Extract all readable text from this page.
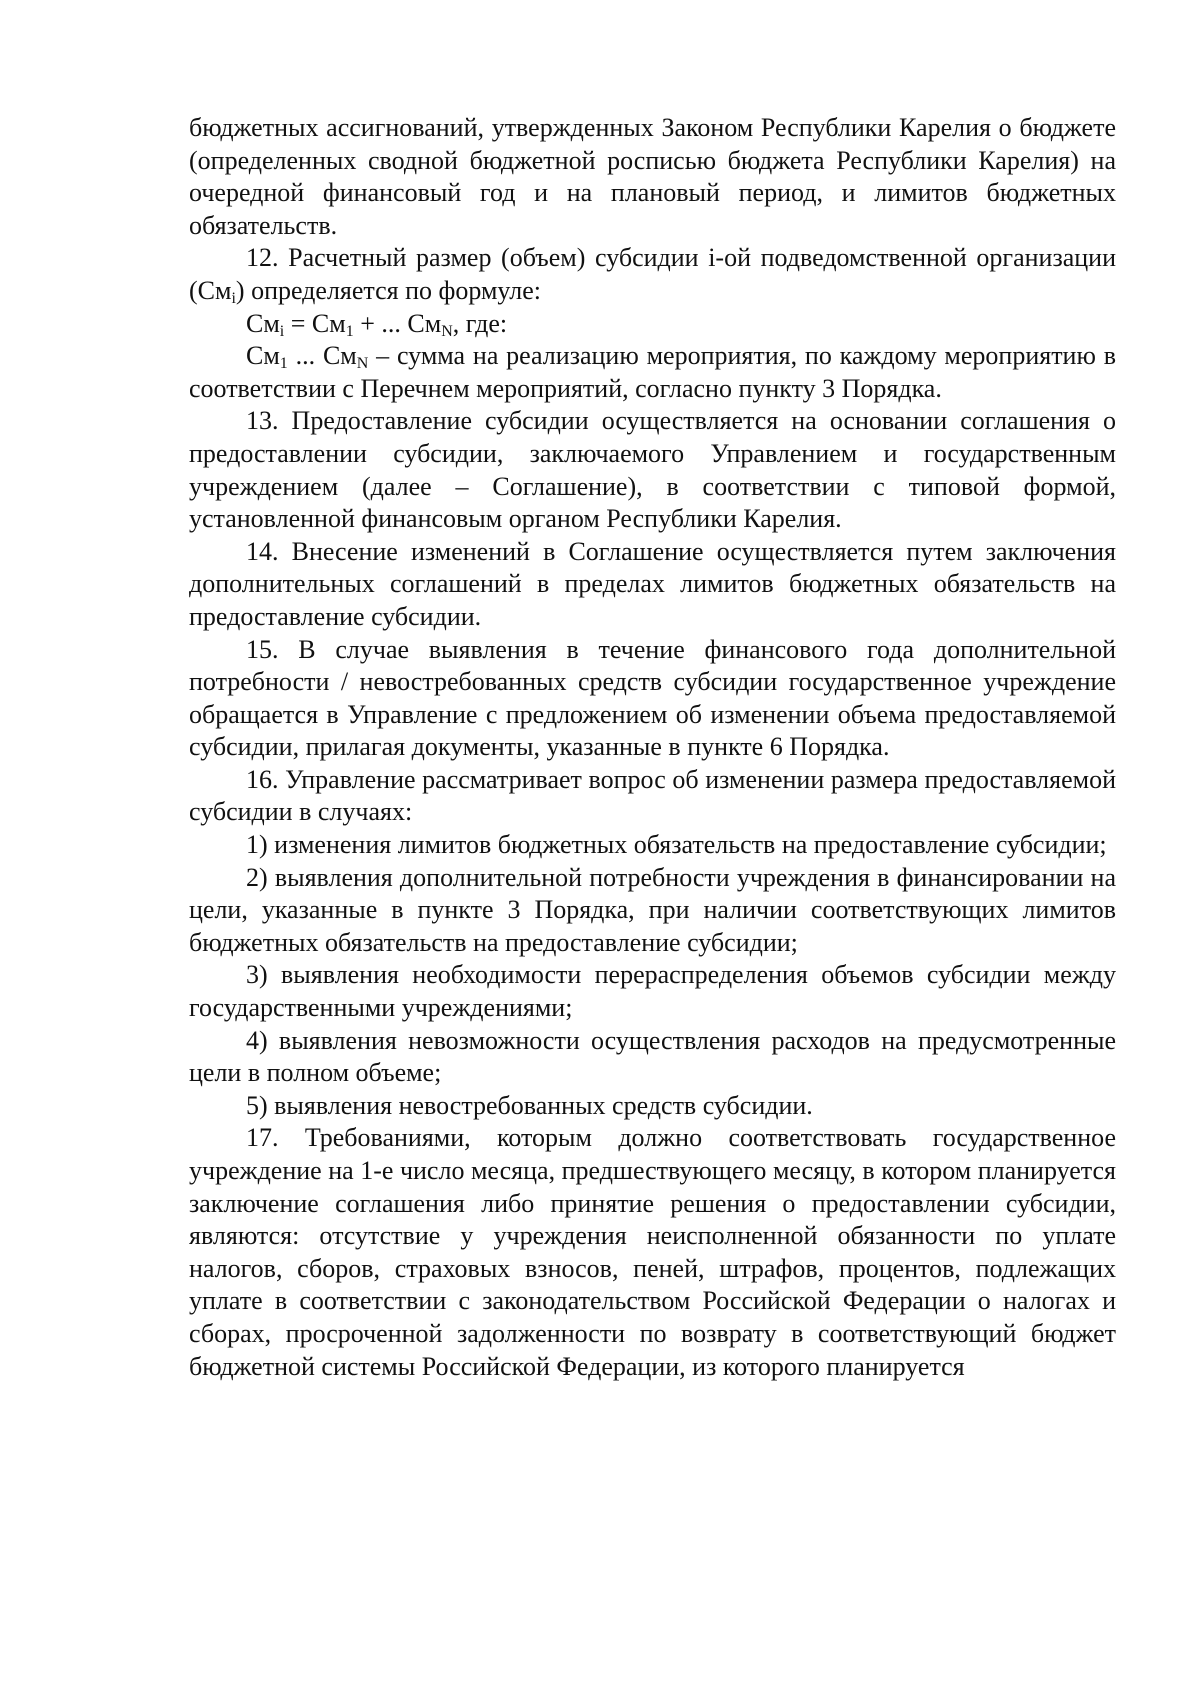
бюджетных ассигнований, утвержденных Законом Республики Карелия о бюджете (определенных сводной бюджетной росписью бюджета Республики Карелия) на очередной финансовый год и на плановый период, и лимитов бюджетных обязательств.

12. Расчетный размер (объем) субсидии i-ой подведомственной организации $(См_i)$ определяется по формуле:

$См_i = См_1$ + ... $См_N$, где:

$См_1$ ... $См_N$ – сумма на реализацию мероприятия, по каждому мероприятию в соответствии с Перечнем мероприятий, согласно пункту 3 Порядка.

13. Предоставление субсидии осуществляется на основании соглашения о предоставлении субсидии, заключаемого Управлением и государственным учреждением (далее – Соглашение), в соответствии с типовой формой, установленной финансовым органом Республики Карелия.

14. Внесение изменений в Соглашение осуществляется путем заключения дополнительных соглашений в пределах лимитов бюджетных обязательств на предоставление субсидии.

15. В случае выявления в течение финансового года дополнительной потребности / невостребованных средств субсидии государственное учреждение обращается в Управление с предложением об изменении объема предоставляемой субсидии, прилагая документы, указанные в пункте 6 Порядка.

16. Управление рассматривает вопрос об изменении размера предоставляемой субсидии в случаях:

1) изменения лимитов бюджетных обязательств на предоставление субсидии;

2) выявления дополнительной потребности учреждения в финансировании на цели, указанные в пункте 3 Порядка, при наличии соответствующих лимитов бюджетных обязательств на предоставление субсидии;

3) выявления необходимости перераспределения объемов субсидии между государственными учреждениями;

4) выявления невозможности осуществления расходов на предусмотренные цели в полном объеме;

5) выявления невостребованных средств субсидии.

17. Требованиями, которым должно соответствовать государственное учреждение на 1-е число месяца, предшествующего месяцу, в котором планируется заключение соглашения либо принятие решения о предоставлении субсидии, являются: отсутствие у учреждения неисполненной обязанности по уплате налогов, сборов, страховых взносов, пеней, штрафов, процентов, подлежащих уплате в соответствии с законодательством Российской Федерации о налогах и сборах, просроченной задолженности по возврату в соответствующий бюджет бюджетной системы Российской Федерации, из которого планируется
